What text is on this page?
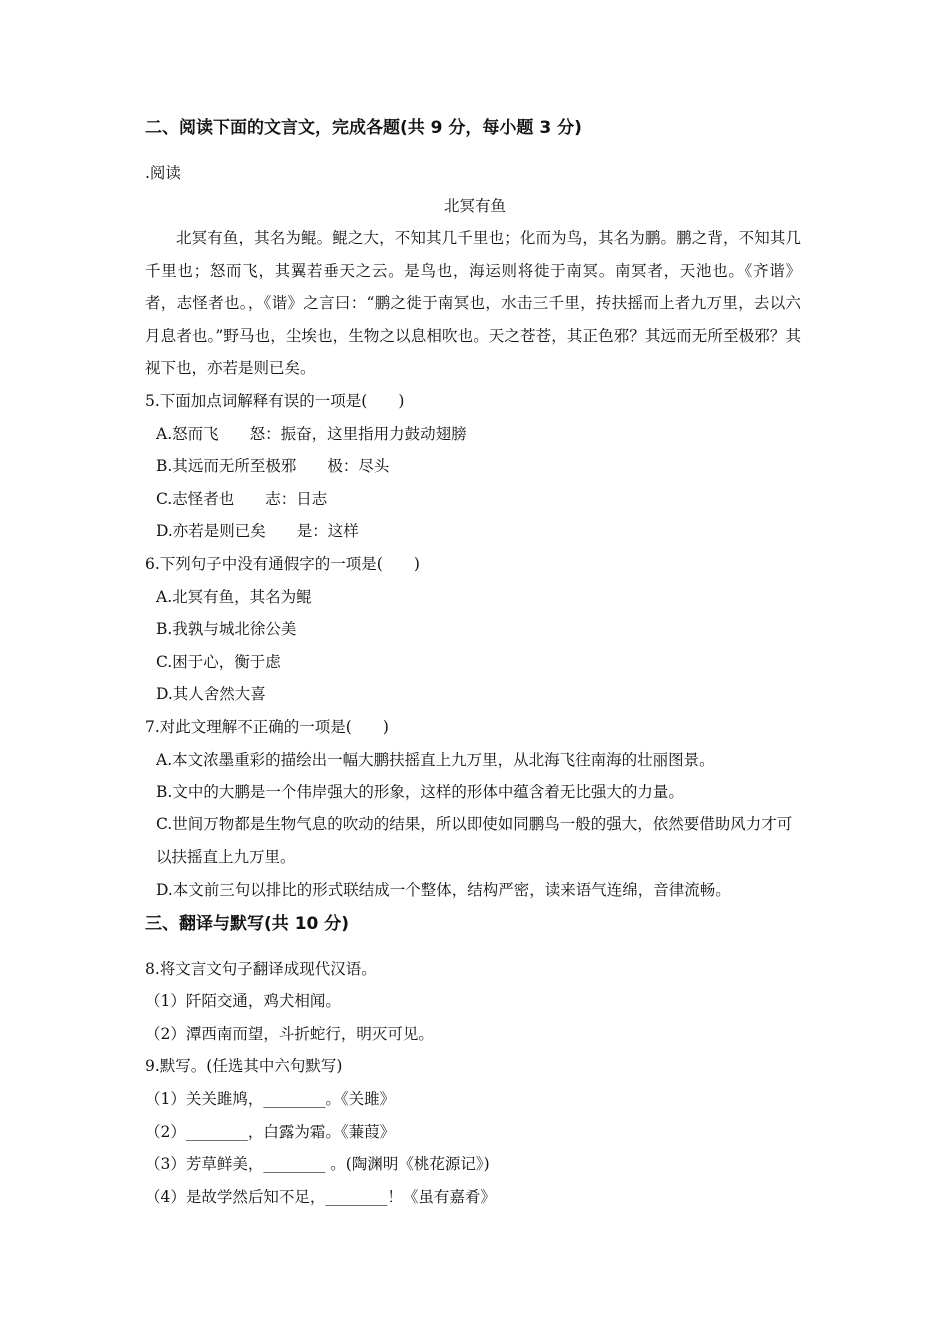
二、阅读下面的文言文，完成各题(共 9 分，每小题 3 分)
.阅读
北冥有鱼
北冥有鱼，其名为鲲。鲲之大，不知其几千里也；化而为鸟，其名为鹏。鹏之背，不知其几千里也；怒而飞，其翼若垂天之云。是鸟也，海运则将徙于南冥。南冥者，天池也。《齐谐》者，志怪者也。，《谐》之言曰：“鹏之徙于南冥也，水击三千里，抟扶摇而上者九万里，去以六月息者也。”野马也，尘埃也，生物之以息相吹也。天之苍苍，其正色邪？其远而无所至极邪？其视下也，亦若是则已矣。
5.下面加点词解释有误的一项是(　　)
A.怒而飞　　怒：振奋，这里指用力鼓动翅膀
B.其远而无所至极邪　　极：尽头
C.志怪者也　　志：日志
D.亦若是则已矣　　是：这样
6.下列句子中没有通假字的一项是(　　)
A.北冥有鱼，其名为鲲
B.我孰与城北徐公美
C.困于心，衡于虑
D.其人舍然大喜
7.对此文理解不正确的一项是(　　)
A.本文浓墨重彩的描绘出一幅大鹏扶摇直上九万里，从北海飞往南海的壮丽图景。
B.文中的大鹏是一个伟岸强大的形象，这样的形体中蕴含着无比强大的力量。
C.世间万物都是生物气息的吹动的结果，所以即使如同鹏鸟一般的强大，依然要借助风力才可以扶摇直上九万里。
D.本文前三句以排比的形式联结成一个整体，结构严密，读来语气连绵，音律流畅。
三、翻译与默写(共 10 分)
8.将文言文句子翻译成现代汉语。
（1）阡陌交通，鸡犬相闻。
（2）潭西南而望，斗折蛇行，明灭可见。
9.默写。(任选其中六句默写)
（1）关关雎鸠，________。《关雎》
（2）________，白露为霜。《蒹葭》
（3）芳草鲜美，________ 。(陶渊明《桃花源记》)
（4）是故学然后知不足，________！《虽有嘉肴》
